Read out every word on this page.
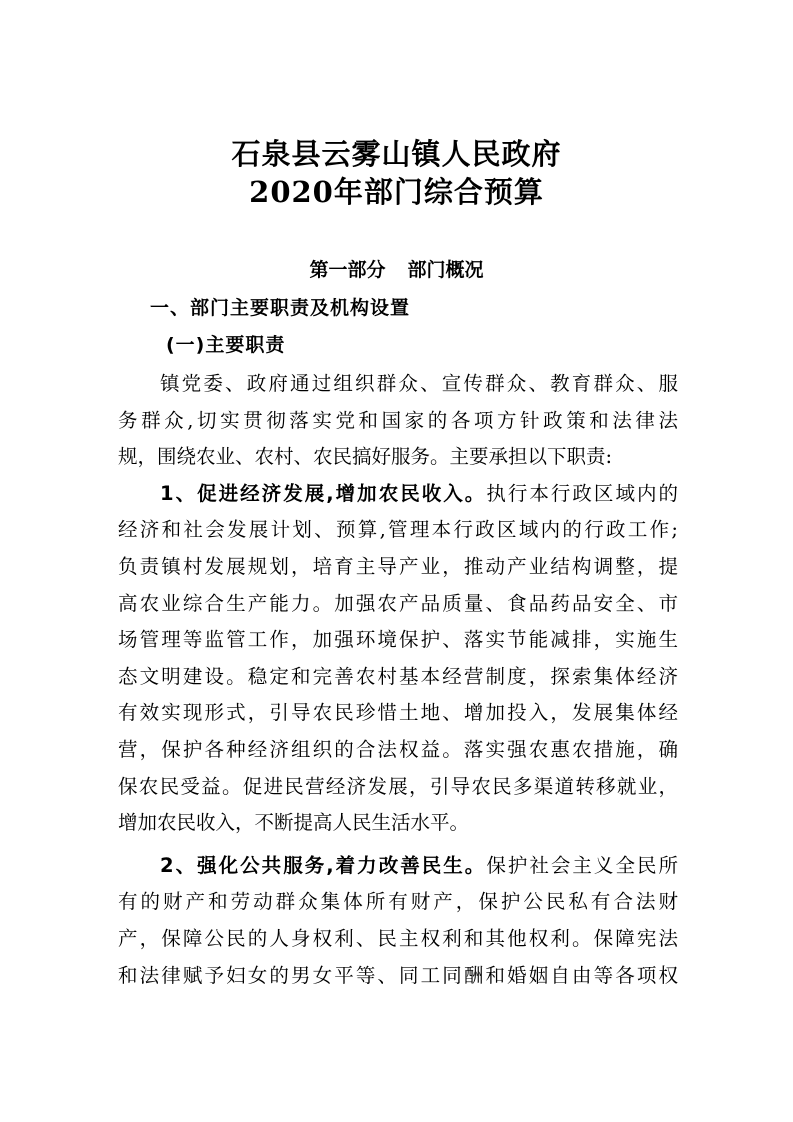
石泉县云雾山镇人民政府
2020年部门综合预算
第一部分 部门概况
一、部门主要职责及机构设置
(一)主要职责
镇党委、政府通过组织群众、宣传群众、教育群众、服
务群众,切实贯彻落实党和国家的各项方针政策和法律法
规，围绕农业、农村、农民搞好服务。主要承担以下职责:
1、促进经济发展,增加农民收入。执行本行政区域内的
经济和社会发展计划、预算,管理本行政区域内的行政工作;
负责镇村发展规划，培育主导产业，推动产业结构调整，提
高农业综合生产能力。加强农产品质量、食品药品安全、市
场管理等监管工作，加强环境保护、落实节能减排，实施生
态文明建设。稳定和完善农村基本经营制度，探索集体经济
有效实现形式，引导农民珍惜土地、增加投入，发展集体经
营，保护各种经济组织的合法权益。落实强农惠农措施，确
保农民受益。促进民营经济发展，引导农民多渠道转移就业，
增加农民收入，不断提高人民生活水平。
2、强化公共服务,着力改善民生。保护社会主义全民所
有的财产和劳动群众集体所有财产，保护公民私有合法财
产，保障公民的人身权利、民主权利和其他权利。保障宪法
和法律赋予妇女的男女平等、同工同酬和婚姻自由等各项权
